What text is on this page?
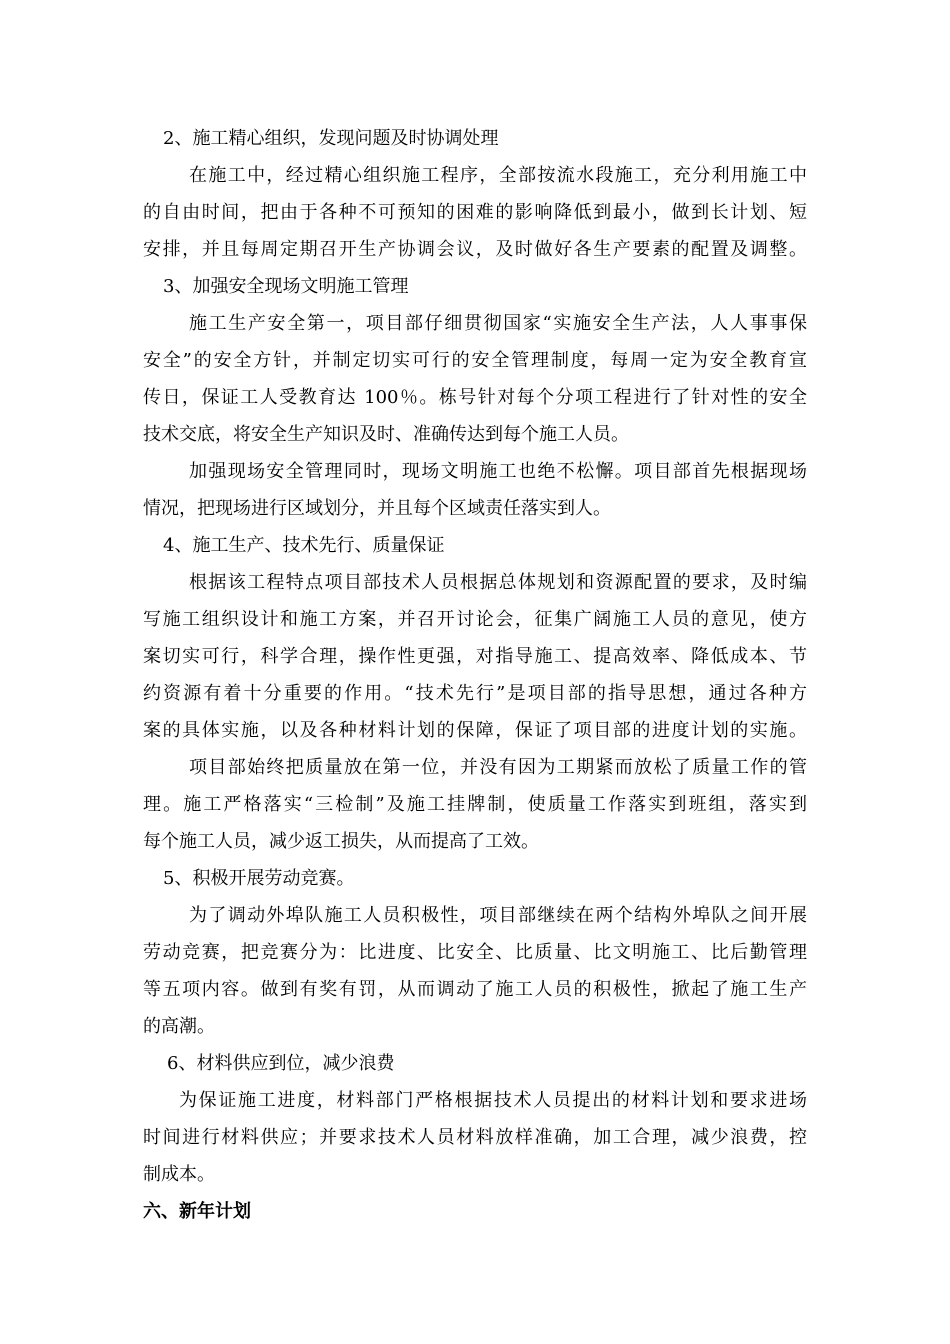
2、施工精心组织，发现问题及时协调处理
在施工中，经过精心组织施工程序，全部按流水段施工，充分利用施工中
的自由时间，把由于各种不可预知的困难的影响降低到最小，做到长计划、短
安排，并且每周定期召开生产协调会议，及时做好各生产要素的配置及调整。
3、加强安全现场文明施工管理
施工生产安全第一，项目部仔细贯彻国家“实施安全生产法，人人事事保
安全”的安全方针，并制定切实可行的安全管理制度，每周一定为安全教育宣
传日，保证工人受教育达 100％。栋号针对每个分项工程进行了针对性的安全
技术交底，将安全生产知识及时、准确传达到每个施工人员。
加强现场安全管理同时，现场文明施工也绝不松懈。项目部首先根据现场
情况，把现场进行区域划分，并且每个区域责任落实到人。
4、施工生产、技术先行、质量保证
根据该工程特点项目部技术人员根据总体规划和资源配置的要求，及时编
写施工组织设计和施工方案，并召开讨论会，征集广阔施工人员的意见，使方
案切实可行，科学合理，操作性更强，对指导施工、提高效率、降低成本、节
约资源有着十分重要的作用。“技术先行”是项目部的指导思想，通过各种方
案的具体实施，以及各种材料计划的保障，保证了项目部的进度计划的实施。
项目部始终把质量放在第一位，并没有因为工期紧而放松了质量工作的管
理。施工严格落实“三检制”及施工挂牌制，使质量工作落实到班组，落实到
每个施工人员，减少返工损失，从而提高了工效。
5、积极开展劳动竞赛。
为了调动外埠队施工人员积极性，项目部继续在两个结构外埠队之间开展
劳动竞赛，把竞赛分为：比进度、比安全、比质量、比文明施工、比后勤管理
等五项内容。做到有奖有罚，从而调动了施工人员的积极性，掀起了施工生产
的高潮。
6、材料供应到位，减少浪费
为保证施工进度，材料部门严格根据技术人员提出的材料计划和要求进场
时间进行材料供应；并要求技术人员材料放样准确，加工合理，减少浪费，控
制成本。
六、新年计划
